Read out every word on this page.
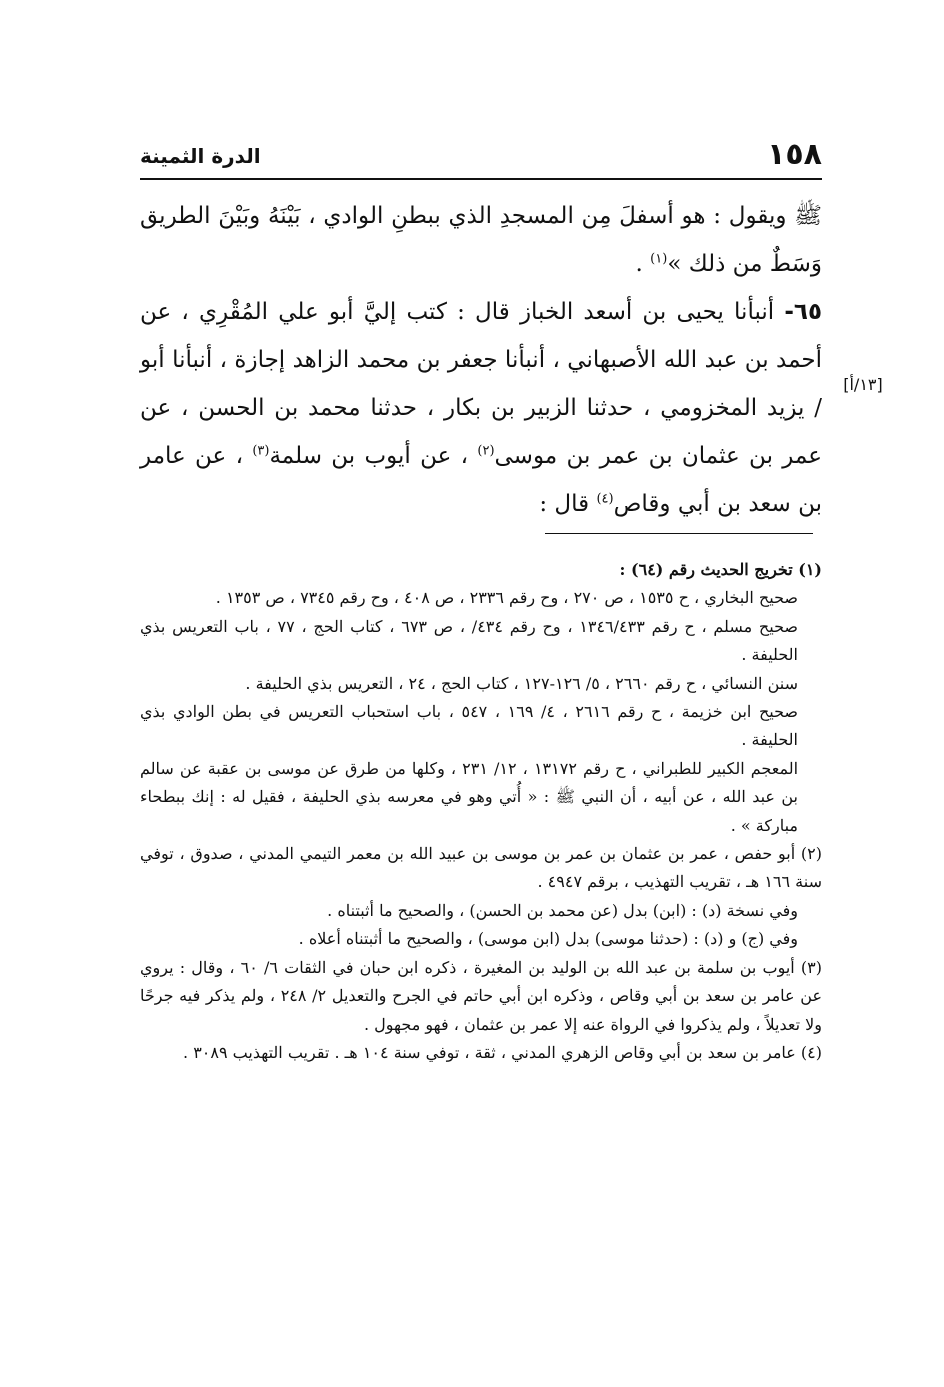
١٥٨
الدرة الثمينة

ﷺ ويقول : هو أسفلَ مِن المسجدِ الذي ببطنِ الوادي ، بَيْنَهُ وبَيْنَ الطريق وَسَطٌ من ذلك »$^{(١)}$ .

٦٥- أنبأنا يحيى بن أسعد الخباز قال : كتب إليَّ أبو علي المُقْرِي ، عن أحمد بن عبد الله الأصبهاني ، أنبأنا جعفر بن محمد الزاهد إجازة ، أنبأنا أبو / يزيد المخزومي ، حدثنا الزبير بن بكار ، حدثنا محمد بن الحسن ، عن عمر بن عثمان بن عمر بن موسى$^{(٢)}$ ، عن أيوب بن سلمة$^{(٣)}$ ، عن عامر بن سعد بن أبي وقاص$^{(٤)}$ قال :

[١٣/أ]

(١) تخريج الحديث رقم (٦٤) :

صحيح البخاري ، ح ١٥٣٥ ، ص ٢٧٠ ، وح رقم ٢٣٣٦ ، ص ٤٠٨ ، وح رقم ٧٣٤٥ ، ص ١٣٥٣ .

صحيح مسلم ، ح رقم ١٣٤٦/٤٣٣ ، وح رقم ٤٣٤/ ، ص ٦٧٣ ، كتاب الحج ، ٧٧ ، باب التعريس بذي الحليفة .

سنن النسائي ، ح رقم ٢٦٦٠ ، ٥/ ١٢٦-١٢٧ ، كتاب الحج ، ٢٤ ، التعريس بذي الحليفة .

صحيح ابن خزيمة ، ح رقم ٢٦١٦ ، ٤/ ١٦٩ ، ٥٤٧ ، باب استحباب التعريس في بطن الوادي بذي الحليفة .

المعجم الكبير للطبراني ، ح رقم ١٣١٧٢ ، ١٢/ ٢٣١ ، وكلها من طرق عن موسى بن عقبة عن سالم بن عبد الله ، عن أبيه ، أن النبي ﷺ : « أُتي وهو في معرسه بذي الحليفة ، فقيل له : إنك ببطحاء مباركة » .

(٢) أبو حفص ، عمر بن عثمان بن عمر بن موسى بن عبيد الله بن معمر التيمي المدني ، صدوق ، توفي سنة ١٦٦ هـ ، تقريب التهذيب ، برقم ٤٩٤٧ .

وفي نسخة (د) : (ابن) بدل (عن محمد بن الحسن) ، والصحيح ما أثبتناه .

وفي (ج) و (د) : (حدثنا موسى) بدل (ابن موسى) ، والصحيح ما أثبتناه أعلاه .

(٣) أيوب بن سلمة بن عبد الله بن الوليد بن المغيرة ، ذكره ابن حبان في الثقات ٦/ ٦٠ ، وقال : يروي عن عامر بن سعد بن أبي وقاص ، وذكره ابن أبي حاتم في الجرح والتعديل ٢/ ٢٤٨ ، ولم يذكر فيه جرحًا ولا تعديلاً ، ولم يذكروا في الرواة عنه إلا عمر بن عثمان ، فهو مجهول .

(٤) عامر بن سعد بن أبي وقاص الزهري المدني ، ثقة ، توفي سنة ١٠٤ هـ . تقريب التهذيب ٣٠٨٩ .
